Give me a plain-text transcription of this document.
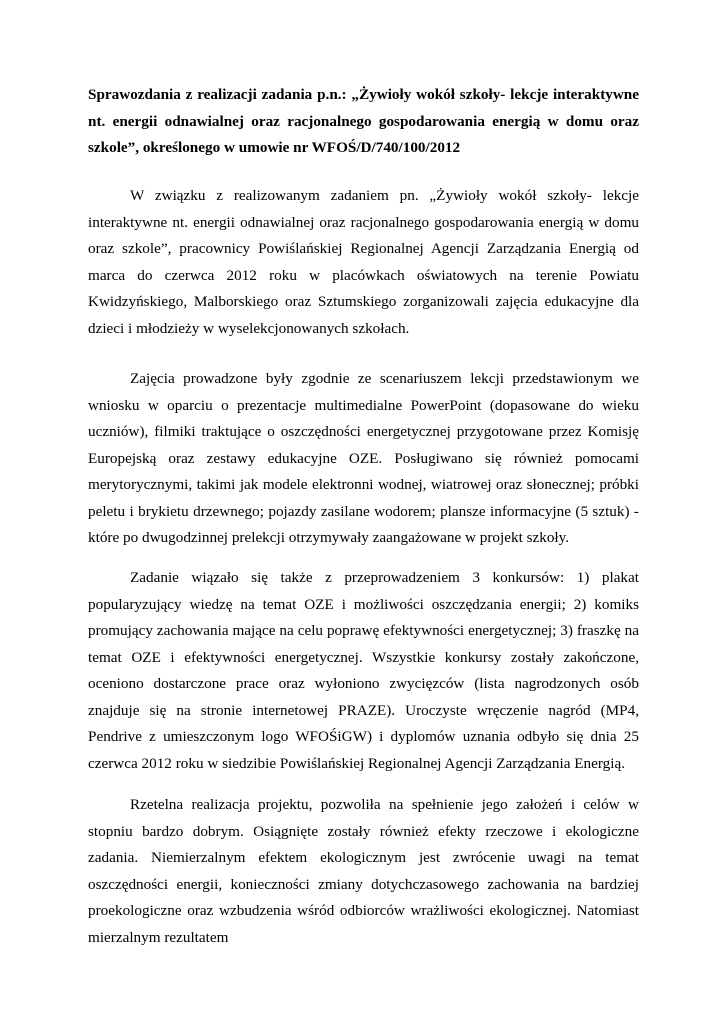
Sprawozdania z realizacji zadania p.n.: „Żywioły wokół szkoły- lekcje interaktywne nt. energii odnawialnej oraz racjonalnego gospodarowania energią w domu oraz szkole”, określonego w umowie nr WFOŚ/D/740/100/2012

W związku z realizowanym zadaniem pn. „Żywioły wokół szkoły- lekcje interaktywne nt. energii odnawialnej oraz racjonalnego gospodarowania energią w domu oraz szkole”, pracownicy Powiślańskiej Regionalnej Agencji Zarządzania Energią od marca do czerwca 2012 roku w placówkach oświatowych na terenie Powiatu Kwidzyńskiego, Malborskiego oraz Sztumskiego zorganizowali zajęcia edukacyjne dla dzieci i młodzieży w wyselekcjonowanych szkołach.

Zajęcia prowadzone były zgodnie ze scenariuszem lekcji przedstawionym we wniosku w oparciu o prezentacje multimedialne PowerPoint (dopasowane do wieku uczniów), filmiki traktujące o oszczędności energetycznej przygotowane przez Komisję Europejską oraz zestawy edukacyjne OZE. Posługiwano się również pomocami merytorycznymi, takimi jak modele elektronni wodnej, wiatrowej oraz słonecznej; próbki peletu i brykietu drzewnego; pojazdy zasilane wodorem; plansze informacyjne (5 sztuk) - które po dwugodzinnej prelekcji otrzymywały zaangażowane w projekt szkoły.

Zadanie wiązało się także z przeprowadzeniem 3 konkursów: 1) plakat popularyzujący wiedzę na temat OZE i możliwości oszczędzania energii; 2) komiks promujący zachowania mające na celu poprawę efektywności energetycznej; 3) fraszkę na temat OZE i efektywności energetycznej. Wszystkie konkursy zostały zakończone, oceniono dostarczone prace oraz wyłoniono zwycięzców (lista nagrodzonych osób znajduje się na stronie internetowej PRAZE). Uroczyste wręczenie nagród (MP4, Pendrive z umieszczonym logo WFOŚiGW) i dyplomów uznania odbyło się dnia 25 czerwca 2012 roku w siedzibie Powiślańskiej Regionalnej Agencji Zarządzania Energią.

Rzetelna realizacja projektu, pozwoliła na spełnienie jego założeń i celów w stopniu bardzo dobrym. Osiągnięte zostały również efekty rzeczowe i ekologiczne zadania. Niemierzalnym efektem ekologicznym jest zwrócenie uwagi na temat oszczędności energii, konieczności zmiany dotychczasowego zachowania na bardziej proekologiczne oraz wzbudzenia wśród odbiorców wrażliwości ekologicznej. Natomiast mierzalnym rezultatem
